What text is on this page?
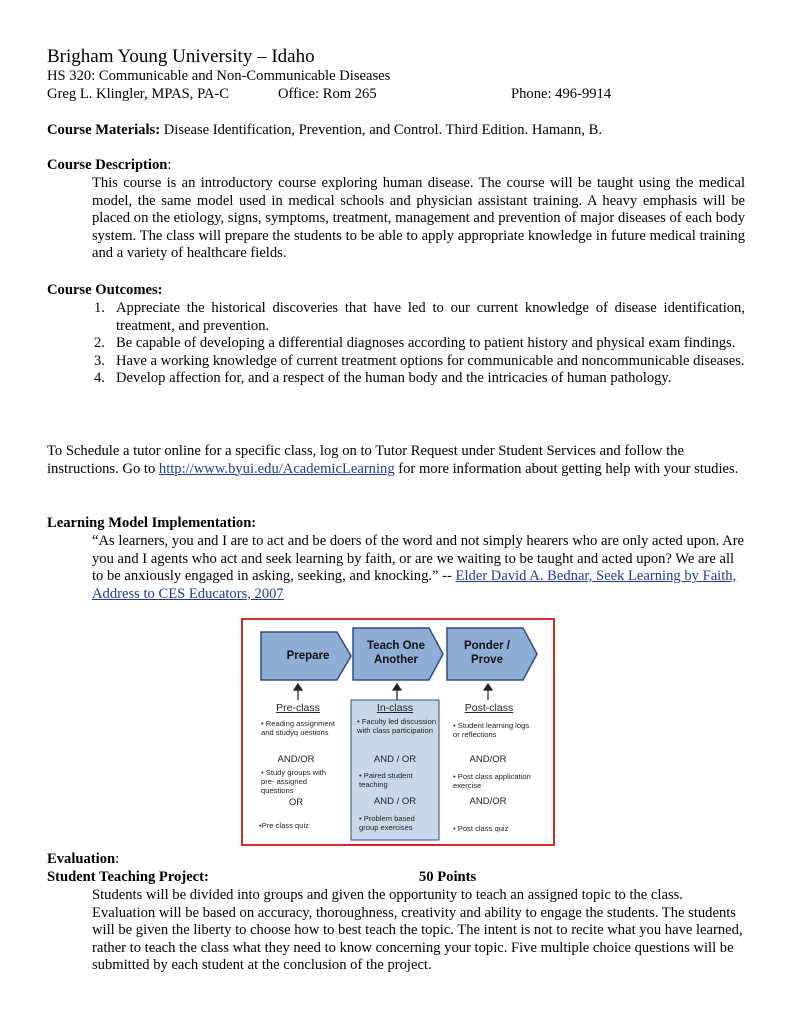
Brigham Young University – Idaho
HS 320: Communicable and Non-Communicable Diseases
Greg L. Klingler, MPAS, PA-C	Office: Rom 265	Phone: 496-9914
Course Materials: Disease Identification, Prevention, and Control. Third Edition. Hamann, B.
Course Description:
This course is an introductory course exploring human disease. The course will be taught using the medical model, the same model used in medical schools and physician assistant training. A heavy emphasis will be placed on the etiology, signs, symptoms, treatment, management and prevention of major diseases of each body system. The class will prepare the students to be able to apply appropriate knowledge in future medical training and a variety of healthcare fields.
Course Outcomes:
1. Appreciate the historical discoveries that have led to our current knowledge of disease identification, treatment, and prevention.
2. Be capable of developing a differential diagnoses according to patient history and physical exam findings.
3. Have a working knowledge of current treatment options for communicable and noncommunicable diseases.
4. Develop affection for, and a respect of the human body and the intricacies of human pathology.
To Schedule a tutor online for a specific class, log on to Tutor Request under Student Services and follow the instructions. Go to http://www.byui.edu/AcademicLearning for more information about getting help with your studies.
Learning Model Implementation:
“As learners, you and I are to act and be doers of the word and not simply hearers who are only acted upon. Are you and I agents who act and seek learning by faith, or are we waiting to be taught and acted upon? We are all to be anxiously engaged in asking, seeking, and knocking.” -- Elder David A. Bednar, Seek Learning by Faith, Address to CES Educators, 2007
Prepare
Teach One Another
Ponder / Prove
Pre-class
• Reading assignment and studyq uestions
AND/OR
• Study groups with pre- assigned questions
OR
•Pre class quiz
In-class
• Faculty led discussion with class participation
AND / OR
• Paired student teaching
AND / OR
• Problem based group exercises
Post-class
• Student learning logs or reflections
AND/OR
• Post class application exercise
AND/OR
• Post class quiz
Evaluation:
Student Teaching Project:	50 Points
Students will be divided into groups and given the opportunity to teach an assigned topic to the class. Evaluation will be based on accuracy, thoroughness, creativity and ability to engage the students. The students will be given the liberty to choose how to best teach the topic. The intent is not to recite what you have learned, rather to teach the class what they need to know concerning your topic. Five multiple choice questions will be submitted by each student at the conclusion of the project.
